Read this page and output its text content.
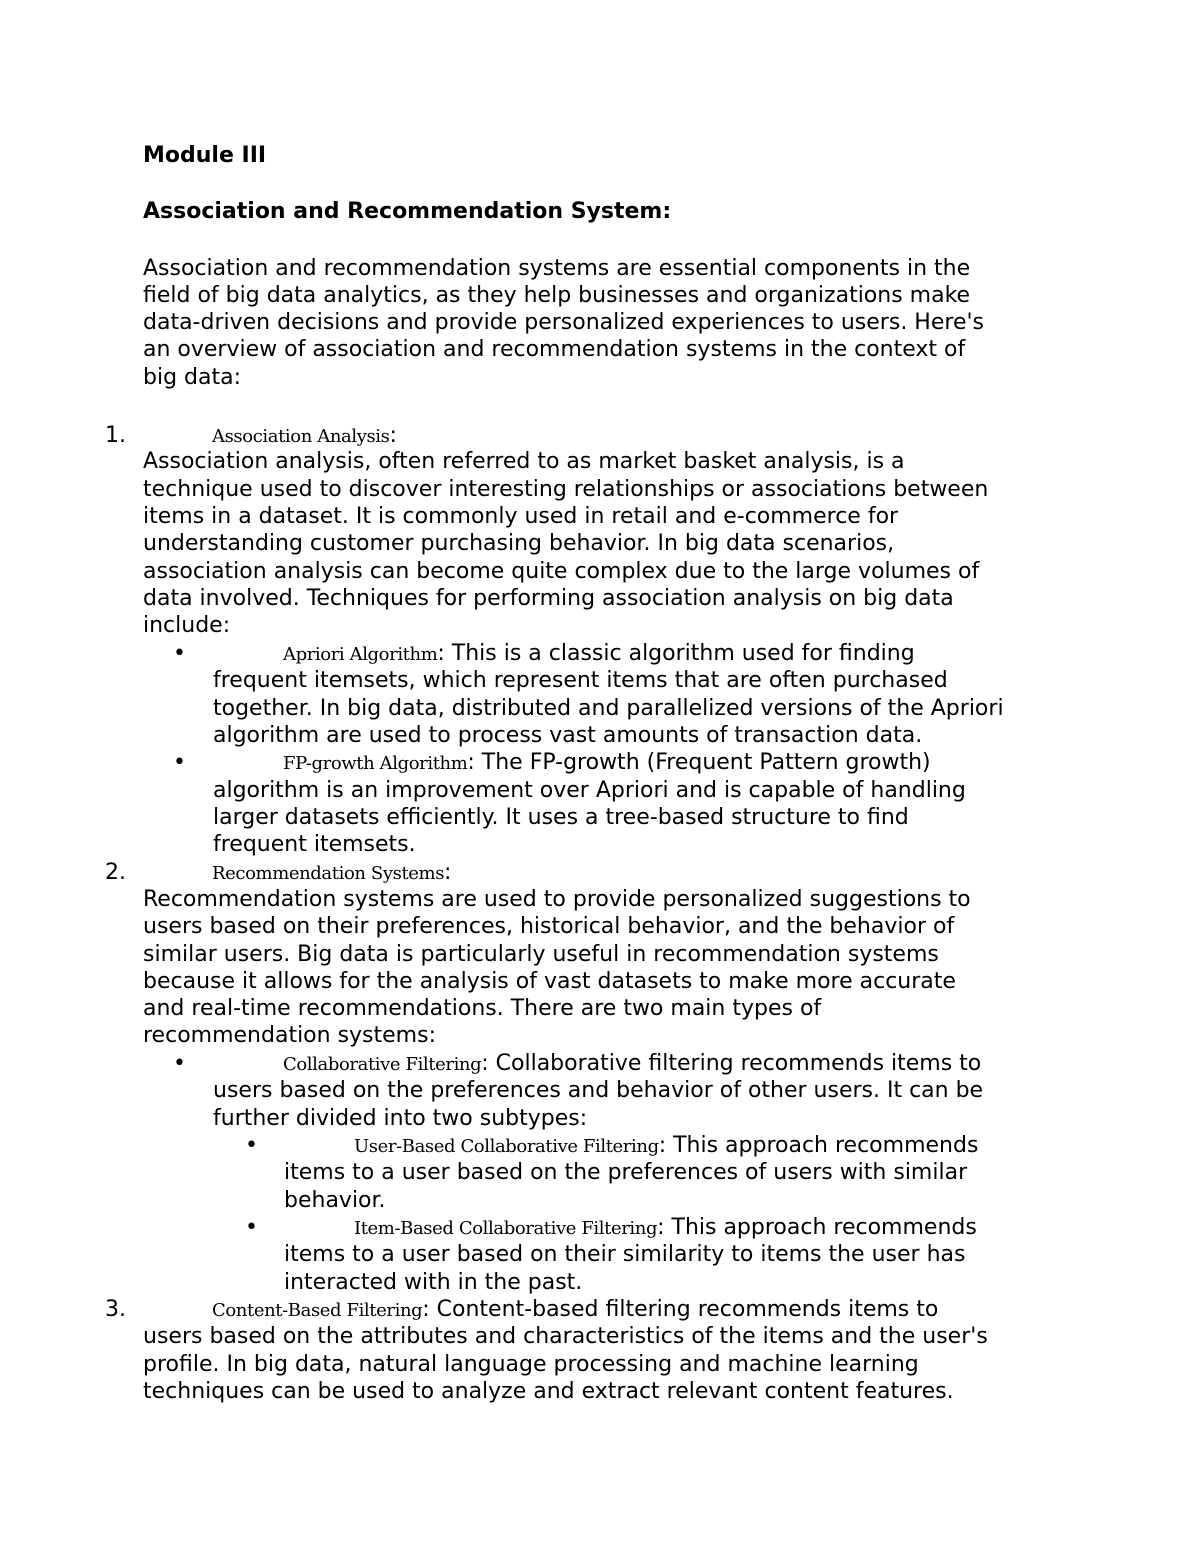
Module III
Association and Recommendation System:
Association and recommendation systems are essential components in the
field of big data analytics, as they help businesses and organizations make
data-driven decisions and provide personalized experiences to users. Here's
an overview of association and recommendation systems in the context of
big data:
1.	Association Analysis:
Association analysis, often referred to as market basket analysis, is a
technique used to discover interesting relationships or associations between
items in a dataset. It is commonly used in retail and e-commerce for
understanding customer purchasing behavior. In big data scenarios,
association analysis can become quite complex due to the large volumes of
data involved. Techniques for performing association analysis on big data
include:
•	Apriori Algorithm: This is a classic algorithm used for finding
frequent itemsets, which represent items that are often purchased
together. In big data, distributed and parallelized versions of the Apriori
algorithm are used to process vast amounts of transaction data.
•	FP-growth Algorithm: The FP-growth (Frequent Pattern growth)
algorithm is an improvement over Apriori and is capable of handling
larger datasets efficiently. It uses a tree-based structure to find
frequent itemsets.
2.	Recommendation Systems:
Recommendation systems are used to provide personalized suggestions to
users based on their preferences, historical behavior, and the behavior of
similar users. Big data is particularly useful in recommendation systems
because it allows for the analysis of vast datasets to make more accurate
and real-time recommendations. There are two main types of
recommendation systems:
•	Collaborative Filtering: Collaborative filtering recommends items to
users based on the preferences and behavior of other users. It can be
further divided into two subtypes:
•	User-Based Collaborative Filtering: This approach recommends
items to a user based on the preferences of users with similar
behavior.
•	Item-Based Collaborative Filtering: This approach recommends
items to a user based on their similarity to items the user has
interacted with in the past.
3.	Content-Based Filtering: Content-based filtering recommends items to
users based on the attributes and characteristics of the items and the user's
profile. In big data, natural language processing and machine learning
techniques can be used to analyze and extract relevant content features.
